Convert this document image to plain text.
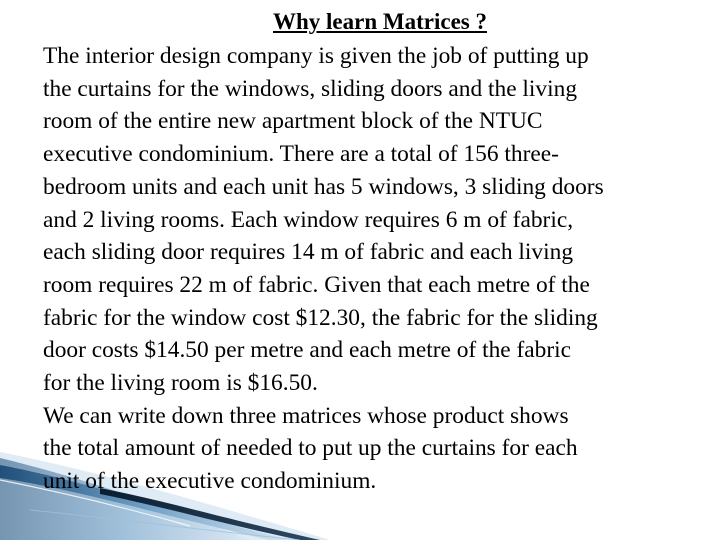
Why learn Matrices ?
The interior design company is given the job of putting up
the curtains for the windows, sliding doors and the living
room of the entire new apartment block of the NTUC
executive condominium. There are a total of 156 three-
bedroom units and each unit has 5 windows, 3 sliding doors
and 2 living rooms. Each window requires 6 m of fabric,
each sliding door requires 14 m of fabric and each living
room requires 22 m of fabric. Given that each metre of the
fabric for the window cost $12.30, the fabric for the sliding
door costs $14.50 per metre and each metre of the fabric
for the living room is $16.50.
We can write down three matrices whose product shows
the total amount of needed to put up the curtains for each
unit of the executive condominium.
